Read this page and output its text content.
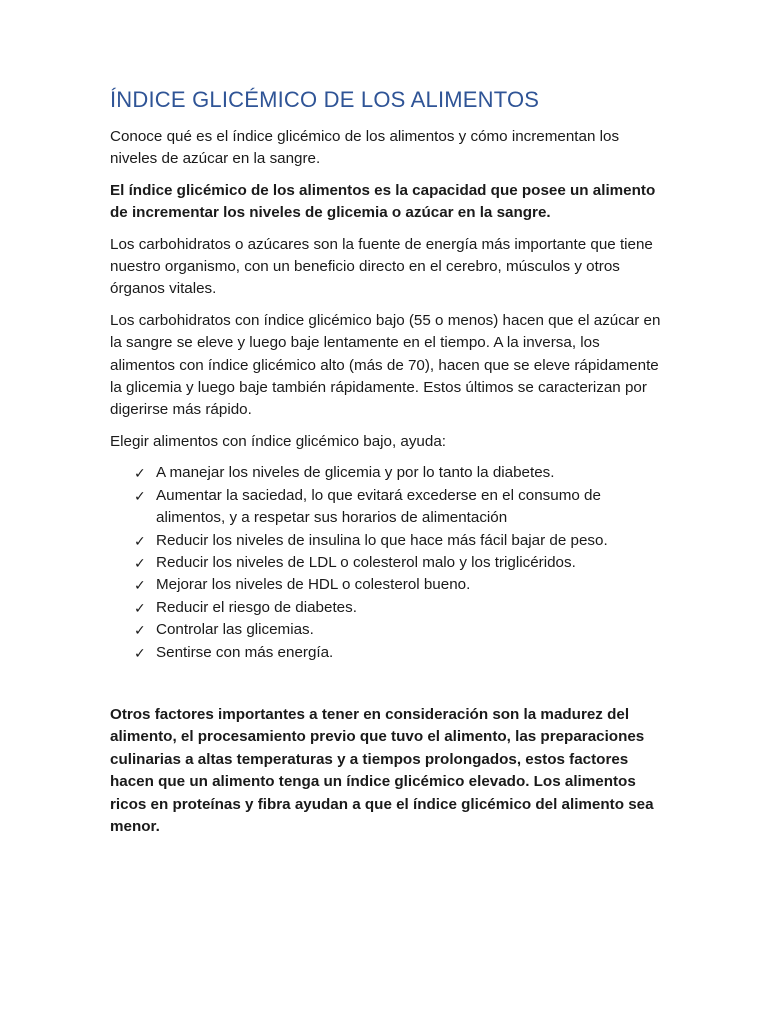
ÍNDICE GLICÉMICO DE LOS ALIMENTOS

Conoce qué es el índice glicémico de los alimentos y cómo incrementan los niveles de azúcar en la sangre.

El índice glicémico de los alimentos es la capacidad que posee un alimento de incrementar los niveles de glicemia o azúcar en la sangre.

Los carbohidratos o azúcares son la fuente de energía más importante que tiene nuestro organismo, con un beneficio directo en el cerebro, músculos y otros órganos vitales.

Los carbohidratos con índice glicémico bajo (55 o menos) hacen que el azúcar en la sangre se eleve y luego baje lentamente en el tiempo. A la inversa, los alimentos con índice glicémico alto (más de 70), hacen que se eleve rápidamente la glicemia y luego baje también rápidamente. Estos últimos se caracterizan por digerirse más rápido.

Elegir alimentos con índice glicémico bajo, ayuda:

✓ A manejar los niveles de glicemia y por lo tanto la diabetes.
✓ Aumentar la saciedad, lo que evitará excederse en el consumo de alimentos, y a respetar sus horarios de alimentación
✓ Reducir los niveles de insulina lo que hace más fácil bajar de peso.
✓ Reducir los niveles de LDL o colesterol malo y los triglicéridos.
✓ Mejorar los niveles de HDL o colesterol bueno.
✓ Reducir el riesgo de diabetes.
✓ Controlar las glicemias.
✓ Sentirse con más energía.

Otros factores importantes a tener en consideración son la madurez del alimento, el procesamiento previo que tuvo el alimento, las preparaciones culinarias a altas temperaturas y a tiempos prolongados, estos factores hacen que un alimento tenga un índice glicémico elevado. Los alimentos ricos en proteínas y fibra ayudan a que el índice glicémico del alimento sea menor.
